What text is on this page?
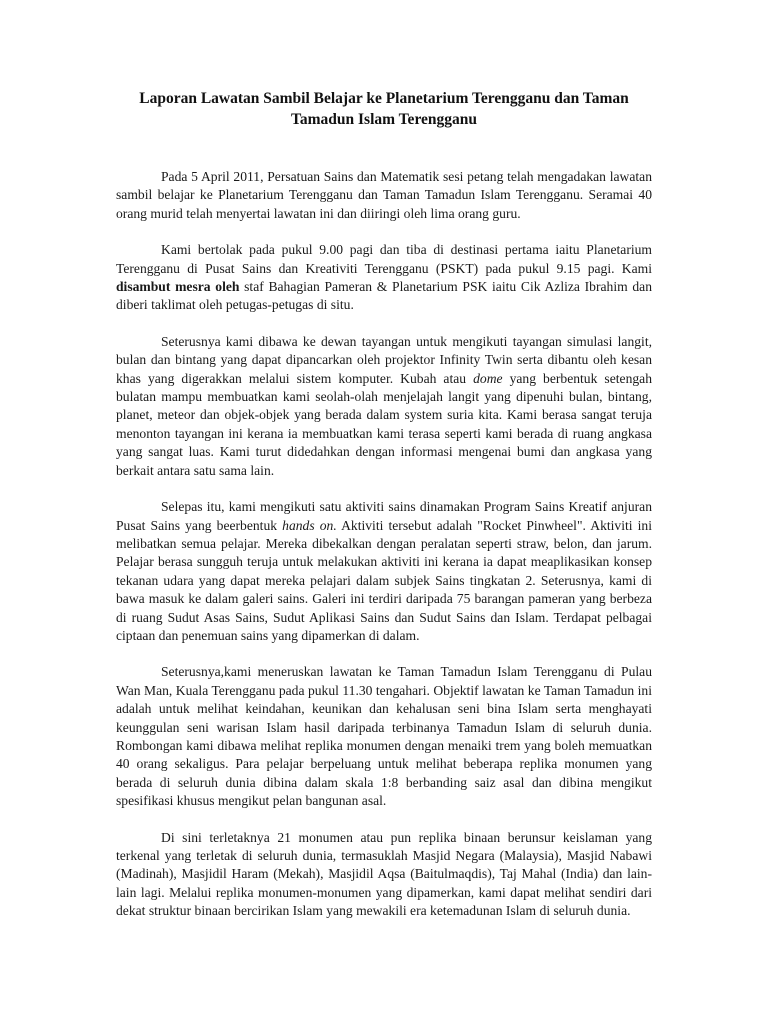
Laporan Lawatan Sambil Belajar ke Planetarium Terengganu dan Taman Tamadun Islam Terengganu

Pada 5 April 2011, Persatuan Sains dan Matematik sesi petang telah mengadakan lawatan sambil belajar ke Planetarium Terengganu dan Taman Tamadun Islam Terengganu. Seramai 40 orang murid telah menyertai lawatan ini dan diiringi oleh lima orang guru.

Kami bertolak pada pukul 9.00 pagi dan tiba di destinasi pertama iaitu Planetarium Terengganu di Pusat Sains dan Kreativiti Terengganu (PSKT) pada pukul 9.15 pagi. Kami disambut mesra oleh staf Bahagian Pameran & Planetarium PSK iaitu Cik Azliza Ibrahim dan diberi taklimat oleh petugas-petugas di situ.

Seterusnya kami dibawa ke dewan tayangan untuk mengikuti tayangan simulasi langit, bulan dan bintang yang dapat dipancarkan oleh projektor Infinity Twin serta dibantu oleh kesan khas yang digerakkan melalui sistem komputer. Kubah atau dome yang berbentuk setengah bulatan mampu membuatkan kami seolah-olah menjelajah langit yang dipenuhi bulan, bintang, planet, meteor dan objek-objek yang berada dalam system suria kita. Kami berasa sangat teruja menonton tayangan ini kerana ia membuatkan kami terasa seperti kami berada di ruang angkasa yang sangat luas. Kami turut didedahkan dengan informasi mengenai bumi dan angkasa yang berkait antara satu sama lain.

Selepas itu, kami mengikuti satu aktiviti sains dinamakan Program Sains Kreatif anjuran Pusat Sains yang beerbentuk hands on. Aktiviti tersebut adalah "Rocket Pinwheel". Aktiviti ini melibatkan semua pelajar. Mereka dibekalkan dengan peralatan seperti straw, belon, dan jarum. Pelajar berasa sungguh teruja untuk melakukan aktiviti ini kerana ia dapat meaplikasikan konsep tekanan udara yang dapat mereka pelajari dalam subjek Sains tingkatan 2. Seterusnya, kami di bawa masuk ke dalam galeri sains. Galeri ini terdiri daripada 75 barangan pameran yang berbeza di ruang Sudut Asas Sains, Sudut Aplikasi Sains dan Sudut Sains dan Islam. Terdapat pelbagai ciptaan dan penemuan sains yang dipamerkan di dalam.

Seterusnya,kami meneruskan lawatan ke Taman Tamadun Islam Terengganu di Pulau Wan Man, Kuala Terengganu pada pukul 11.30 tengahari. Objektif lawatan ke Taman Tamadun ini adalah untuk melihat keindahan, keunikan dan kehalusan seni bina Islam serta menghayati keunggulan seni warisan Islam hasil daripada terbinanya Tamadun Islam di seluruh dunia. Rombongan kami dibawa melihat replika monumen dengan menaiki trem yang boleh memuatkan 40 orang sekaligus. Para pelajar berpeluang untuk melihat beberapa replika monumen yang berada di seluruh dunia dibina dalam skala 1:8 berbanding saiz asal dan dibina mengikut spesifikasi khusus mengikut pelan bangunan asal.

Di sini terletaknya 21 monumen atau pun replika binaan berunsur keislaman yang terkenal yang terletak di seluruh dunia, termasuklah Masjid Negara (Malaysia), Masjid Nabawi (Madinah), Masjidil Haram (Mekah), Masjidil Aqsa (Baitulmaqdis), Taj Mahal (India) dan lain-lain lagi. Melalui replika monumen-monumen yang dipamerkan, kami dapat melihat sendiri dari dekat struktur binaan bercirikan Islam yang mewakili era ketemadunan Islam di seluruh dunia.
